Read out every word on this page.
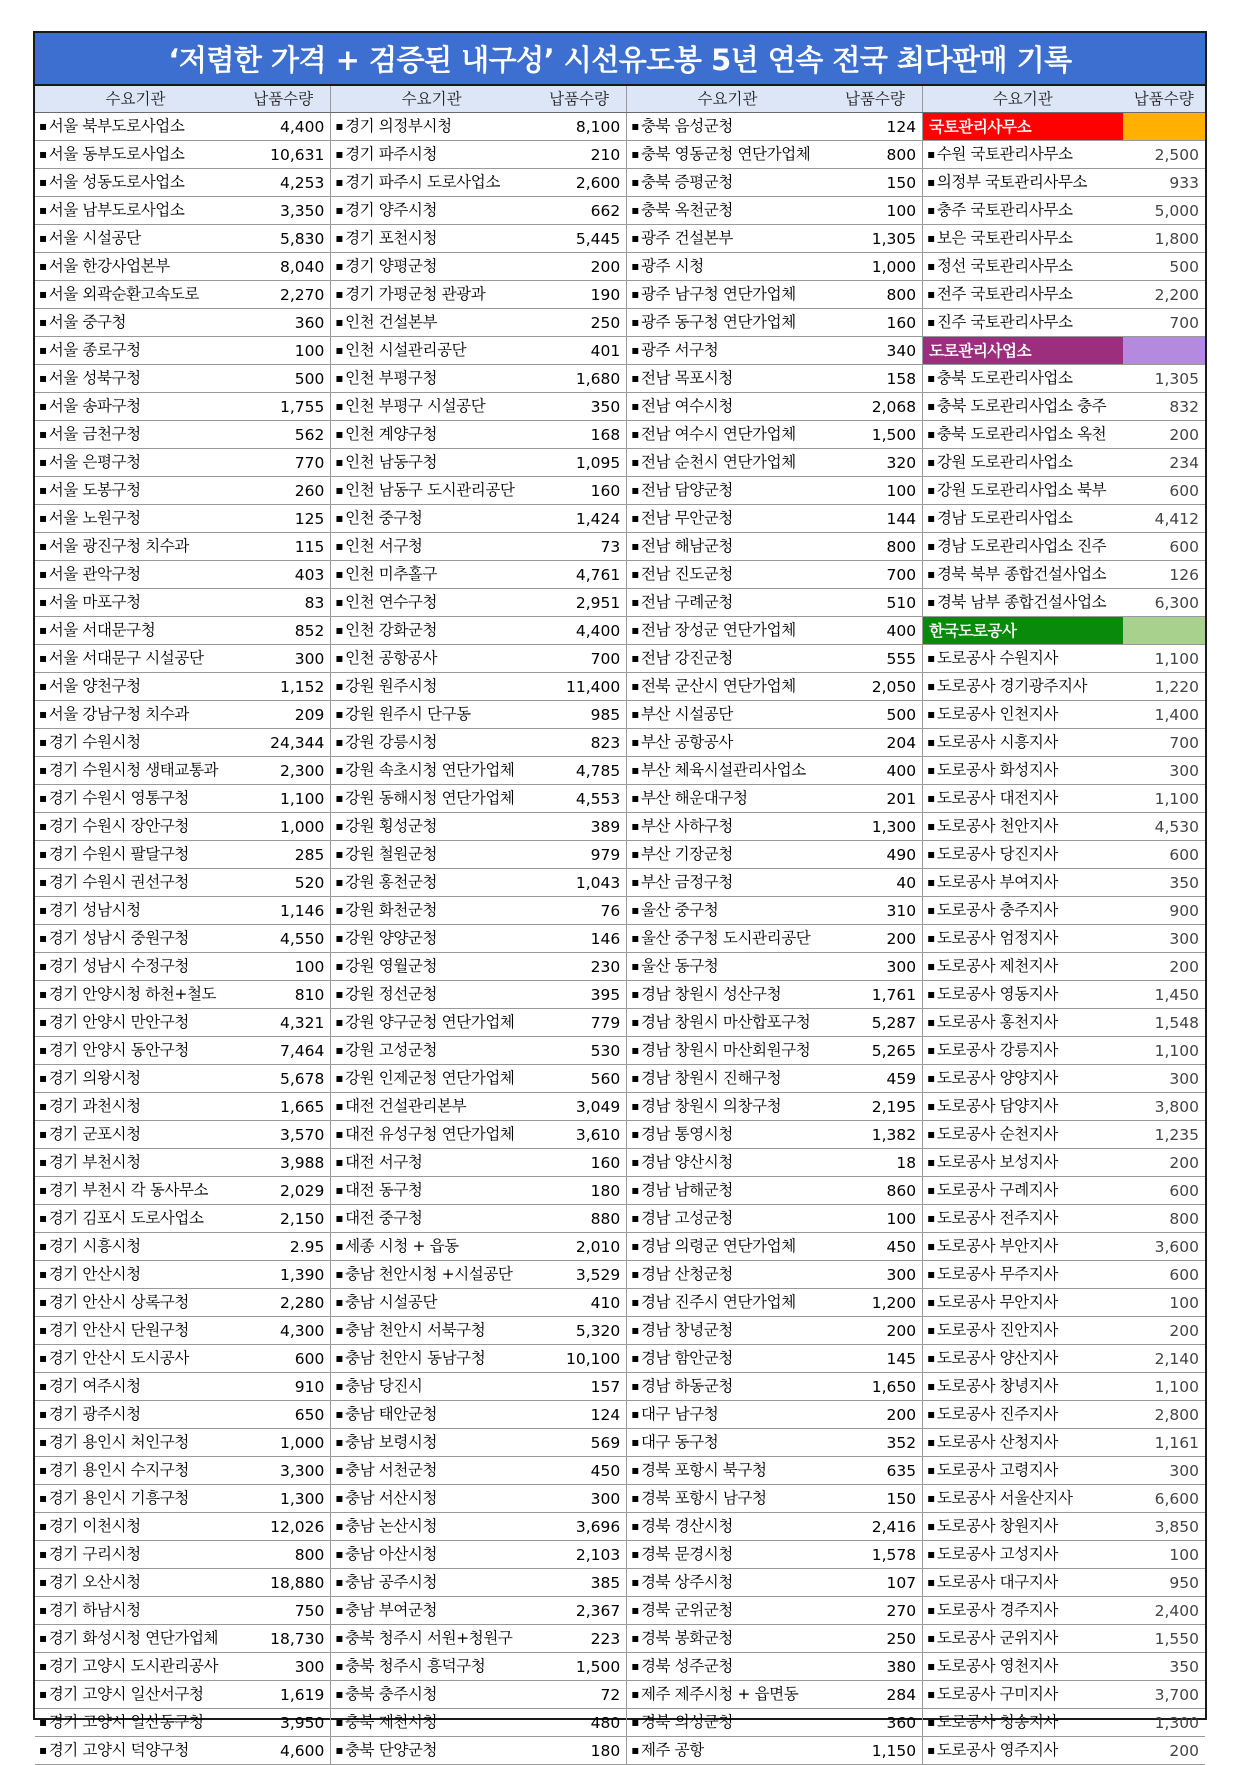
‘저렴한 가격 + 검증된 내구성’ 시선유도봉 5년 연속 전국 최다판매 기록
수요기관	납품수량	수요기관	납품수량	수요기관	납품수량	수요기관	납품수량
▪ 서울 북부도로사업소	4,400	▪ 경기 의정부시청	8,100	▪ 충북 음성군청	124	국토관리사무소	
▪ 서울 동부도로사업소	10,631	▪ 경기 파주시청	210	▪ 충북 영동군청 연단가업체	800	▪ 수원 국토관리사무소	2,500
▪ 서울 성동도로사업소	4,253	▪ 경기 파주시 도로사업소	2,600	▪ 충북 증평군청	150	▪ 의정부 국토관리사무소	933
▪ 서울 남부도로사업소	3,350	▪ 경기 양주시청	662	▪ 충북 옥천군청	100	▪ 충주 국토관리사무소	5,000
▪ 서울 시설공단	5,830	▪ 경기 포천시청	5,445	▪ 광주 건설본부	1,305	▪ 보은 국토관리사무소	1,800
▪ 서울 한강사업본부	8,040	▪ 경기 양평군청	200	▪ 광주 시청	1,000	▪ 정선 국토관리사무소	500
▪ 서울 외곽순환고속도로	2,270	▪ 경기 가평군청 관광과	190	▪ 광주 남구청 연단가업체	800	▪ 전주 국토관리사무소	2,200
▪ 서울 중구청	360	▪ 인천 건설본부	250	▪ 광주 동구청 연단가업체	160	▪ 진주 국토관리사무소	700
▪ 서울 종로구청	100	▪ 인천 시설관리공단	401	▪ 광주 서구청	340	도로관리사업소	
▪ 서울 성북구청	500	▪ 인천 부평구청	1,680	▪ 전남 목포시청	158	▪ 충북 도로관리사업소	1,305
▪ 서울 송파구청	1,755	▪ 인천 부평구 시설공단	350	▪ 전남 여수시청	2,068	▪ 충북 도로관리사업소 충주	832
▪ 서울 금천구청	562	▪ 인천 계양구청	168	▪ 전남 여수시 연단가업체	1,500	▪ 충북 도로관리사업소 옥천	200
▪ 서울 은평구청	770	▪ 인천 남동구청	1,095	▪ 전남 순천시 연단가업체	320	▪ 강원 도로관리사업소	234
▪ 서울 도봉구청	260	▪ 인천 남동구 도시관리공단	160	▪ 전남 담양군청	100	▪ 강원 도로관리사업소 북부	600
▪ 서울 노원구청	125	▪ 인천 중구청	1,424	▪ 전남 무안군청	144	▪ 경남 도로관리사업소	4,412
▪ 서울 광진구청 치수과	115	▪ 인천 서구청	73	▪ 전남 해남군청	800	▪ 경남 도로관리사업소 진주	600
▪ 서울 관악구청	403	▪ 인천 미추홀구	4,761	▪ 전남 진도군청	700	▪ 경북 북부 종합건설사업소	126
▪ 서울 마포구청	83	▪ 인천 연수구청	2,951	▪ 전남 구례군청	510	▪ 경북 남부 종합건설사업소	6,300
▪ 서울 서대문구청	852	▪ 인천 강화군청	4,400	▪ 전남 장성군 연단가업체	400	한국도로공사	
▪ 서울 서대문구 시설공단	300	▪ 인천 공항공사	700	▪ 전남 강진군청	555	▪ 도로공사 수원지사	1,100
▪ 서울 양천구청	1,152	▪ 강원 원주시청	11,400	▪ 전북 군산시 연단가업체	2,050	▪ 도로공사 경기광주지사	1,220
▪ 서울 강남구청 치수과	209	▪ 강원 원주시 단구동	985	▪ 부산 시설공단	500	▪ 도로공사 인천지사	1,400
▪ 경기 수원시청	24,344	▪ 강원 강릉시청	823	▪ 부산 공항공사	204	▪ 도로공사 시흥지사	700
▪ 경기 수원시청 생태교통과	2,300	▪ 강원 속초시청 연단가업체	4,785	▪ 부산 체육시설관리사업소	400	▪ 도로공사 화성지사	300
▪ 경기 수원시 영통구청	1,100	▪ 강원 동해시청 연단가업체	4,553	▪ 부산 해운대구청	201	▪ 도로공사 대전지사	1,100
▪ 경기 수원시 장안구청	1,000	▪ 강원 횡성군청	389	▪ 부산 사하구청	1,300	▪ 도로공사 천안지사	4,530
▪ 경기 수원시 팔달구청	285	▪ 강원 철원군청	979	▪ 부산 기장군청	490	▪ 도로공사 당진지사	600
▪ 경기 수원시 권선구청	520	▪ 강원 홍천군청	1,043	▪ 부산 금정구청	40	▪ 도로공사 부여지사	350
▪ 경기 성남시청	1,146	▪ 강원 화천군청	76	▪ 울산 중구청	310	▪ 도로공사 충주지사	900
▪ 경기 성남시 중원구청	4,550	▪ 강원 양양군청	146	▪ 울산 중구청 도시관리공단	200	▪ 도로공사 엄정지사	300
▪ 경기 성남시 수정구청	100	▪ 강원 영월군청	230	▪ 울산 동구청	300	▪ 도로공사 제천지사	200
▪ 경기 안양시청 하천+철도	810	▪ 강원 정선군청	395	▪ 경남 창원시 성산구청	1,761	▪ 도로공사 영동지사	1,450
▪ 경기 안양시 만안구청	4,321	▪ 강원 양구군청 연단가업체	779	▪ 경남 창원시 마산합포구청	5,287	▪ 도로공사 홍천지사	1,548
▪ 경기 안양시 동안구청	7,464	▪ 강원 고성군청	530	▪ 경남 창원시 마산회원구청	5,265	▪ 도로공사 강릉지사	1,100
▪ 경기 의왕시청	5,678	▪ 강원 인제군청 연단가업체	560	▪ 경남 창원시 진해구청	459	▪ 도로공사 양양지사	300
▪ 경기 과천시청	1,665	▪ 대전 건설관리본부	3,049	▪ 경남 창원시 의창구청	2,195	▪ 도로공사 담양지사	3,800
▪ 경기 군포시청	3,570	▪ 대전 유성구청 연단가업체	3,610	▪ 경남 통영시청	1,382	▪ 도로공사 순천지사	1,235
▪ 경기 부천시청	3,988	▪ 대전 서구청	160	▪ 경남 양산시청	18	▪ 도로공사 보성지사	200
▪ 경기 부천시 각 동사무소	2,029	▪ 대전 동구청	180	▪ 경남 남해군청	860	▪ 도로공사 구례지사	600
▪ 경기 김포시 도로사업소	2,150	▪ 대전 중구청	880	▪ 경남 고성군청	100	▪ 도로공사 전주지사	800
▪ 경기 시흥시청	2.95	▪ 세종 시청 + 읍동	2,010	▪ 경남 의령군 연단가업체	450	▪ 도로공사 부안지사	3,600
▪ 경기 안산시청	1,390	▪ 충남 천안시청 +시설공단	3,529	▪ 경남 산청군청	300	▪ 도로공사 무주지사	600
▪ 경기 안산시 상록구청	2,280	▪ 충남 시설공단	410	▪ 경남 진주시 연단가업체	1,200	▪ 도로공사 무안지사	100
▪ 경기 안산시 단원구청	4,300	▪ 충남 천안시 서북구청	5,320	▪ 경남 창녕군청	200	▪ 도로공사 진안지사	200
▪ 경기 안산시 도시공사	600	▪ 충남 천안시 동남구청	10,100	▪ 경남 함안군청	145	▪ 도로공사 양산지사	2,140
▪ 경기 여주시청	910	▪ 충남 당진시	157	▪ 경남 하동군청	1,650	▪ 도로공사 창녕지사	1,100
▪ 경기 광주시청	650	▪ 충남 태안군청	124	▪ 대구 남구청	200	▪ 도로공사 진주지사	2,800
▪ 경기 용인시 처인구청	1,000	▪ 충남 보령시청	569	▪ 대구 동구청	352	▪ 도로공사 산청지사	1,161
▪ 경기 용인시 수지구청	3,300	▪ 충남 서천군청	450	▪ 경북 포항시 북구청	635	▪ 도로공사 고령지사	300
▪ 경기 용인시 기흥구청	1,300	▪ 충남 서산시청	300	▪ 경북 포항시 남구청	150	▪ 도로공사 서울산지사	6,600
▪ 경기 이천시청	12,026	▪ 충남 논산시청	3,696	▪ 경북 경산시청	2,416	▪ 도로공사 창원지사	3,850
▪ 경기 구리시청	800	▪ 충남 아산시청	2,103	▪ 경북 문경시청	1,578	▪ 도로공사 고성지사	100
▪ 경기 오산시청	18,880	▪ 충남 공주시청	385	▪ 경북 상주시청	107	▪ 도로공사 대구지사	950
▪ 경기 하남시청	750	▪ 충남 부여군청	2,367	▪ 경북 군위군청	270	▪ 도로공사 경주지사	2,400
▪ 경기 화성시청 연단가업체	18,730	▪ 충북 청주시 서원+청원구	223	▪ 경북 봉화군청	250	▪ 도로공사 군위지사	1,550
▪ 경기 고양시 도시관리공사	300	▪ 충북 청주시 흥덕구청	1,500	▪ 경북 성주군청	380	▪ 도로공사 영천지사	350
▪ 경기 고양시 일산서구청	1,619	▪ 충북 충주시청	72	▪ 제주 제주시청 + 읍면동	284	▪ 도로공사 구미지사	3,700
▪ 경기 고양시 일산동구청	3,950	▪ 충북 제천시청	480	▪ 경북 의성군청	360	▪ 도로공사 청송지사	1,300
▪ 경기 고양시 덕양구청	4,600	▪ 충북 단양군청	180	▪ 제주 공항	1,150	▪ 도로공사 영주지사	200
